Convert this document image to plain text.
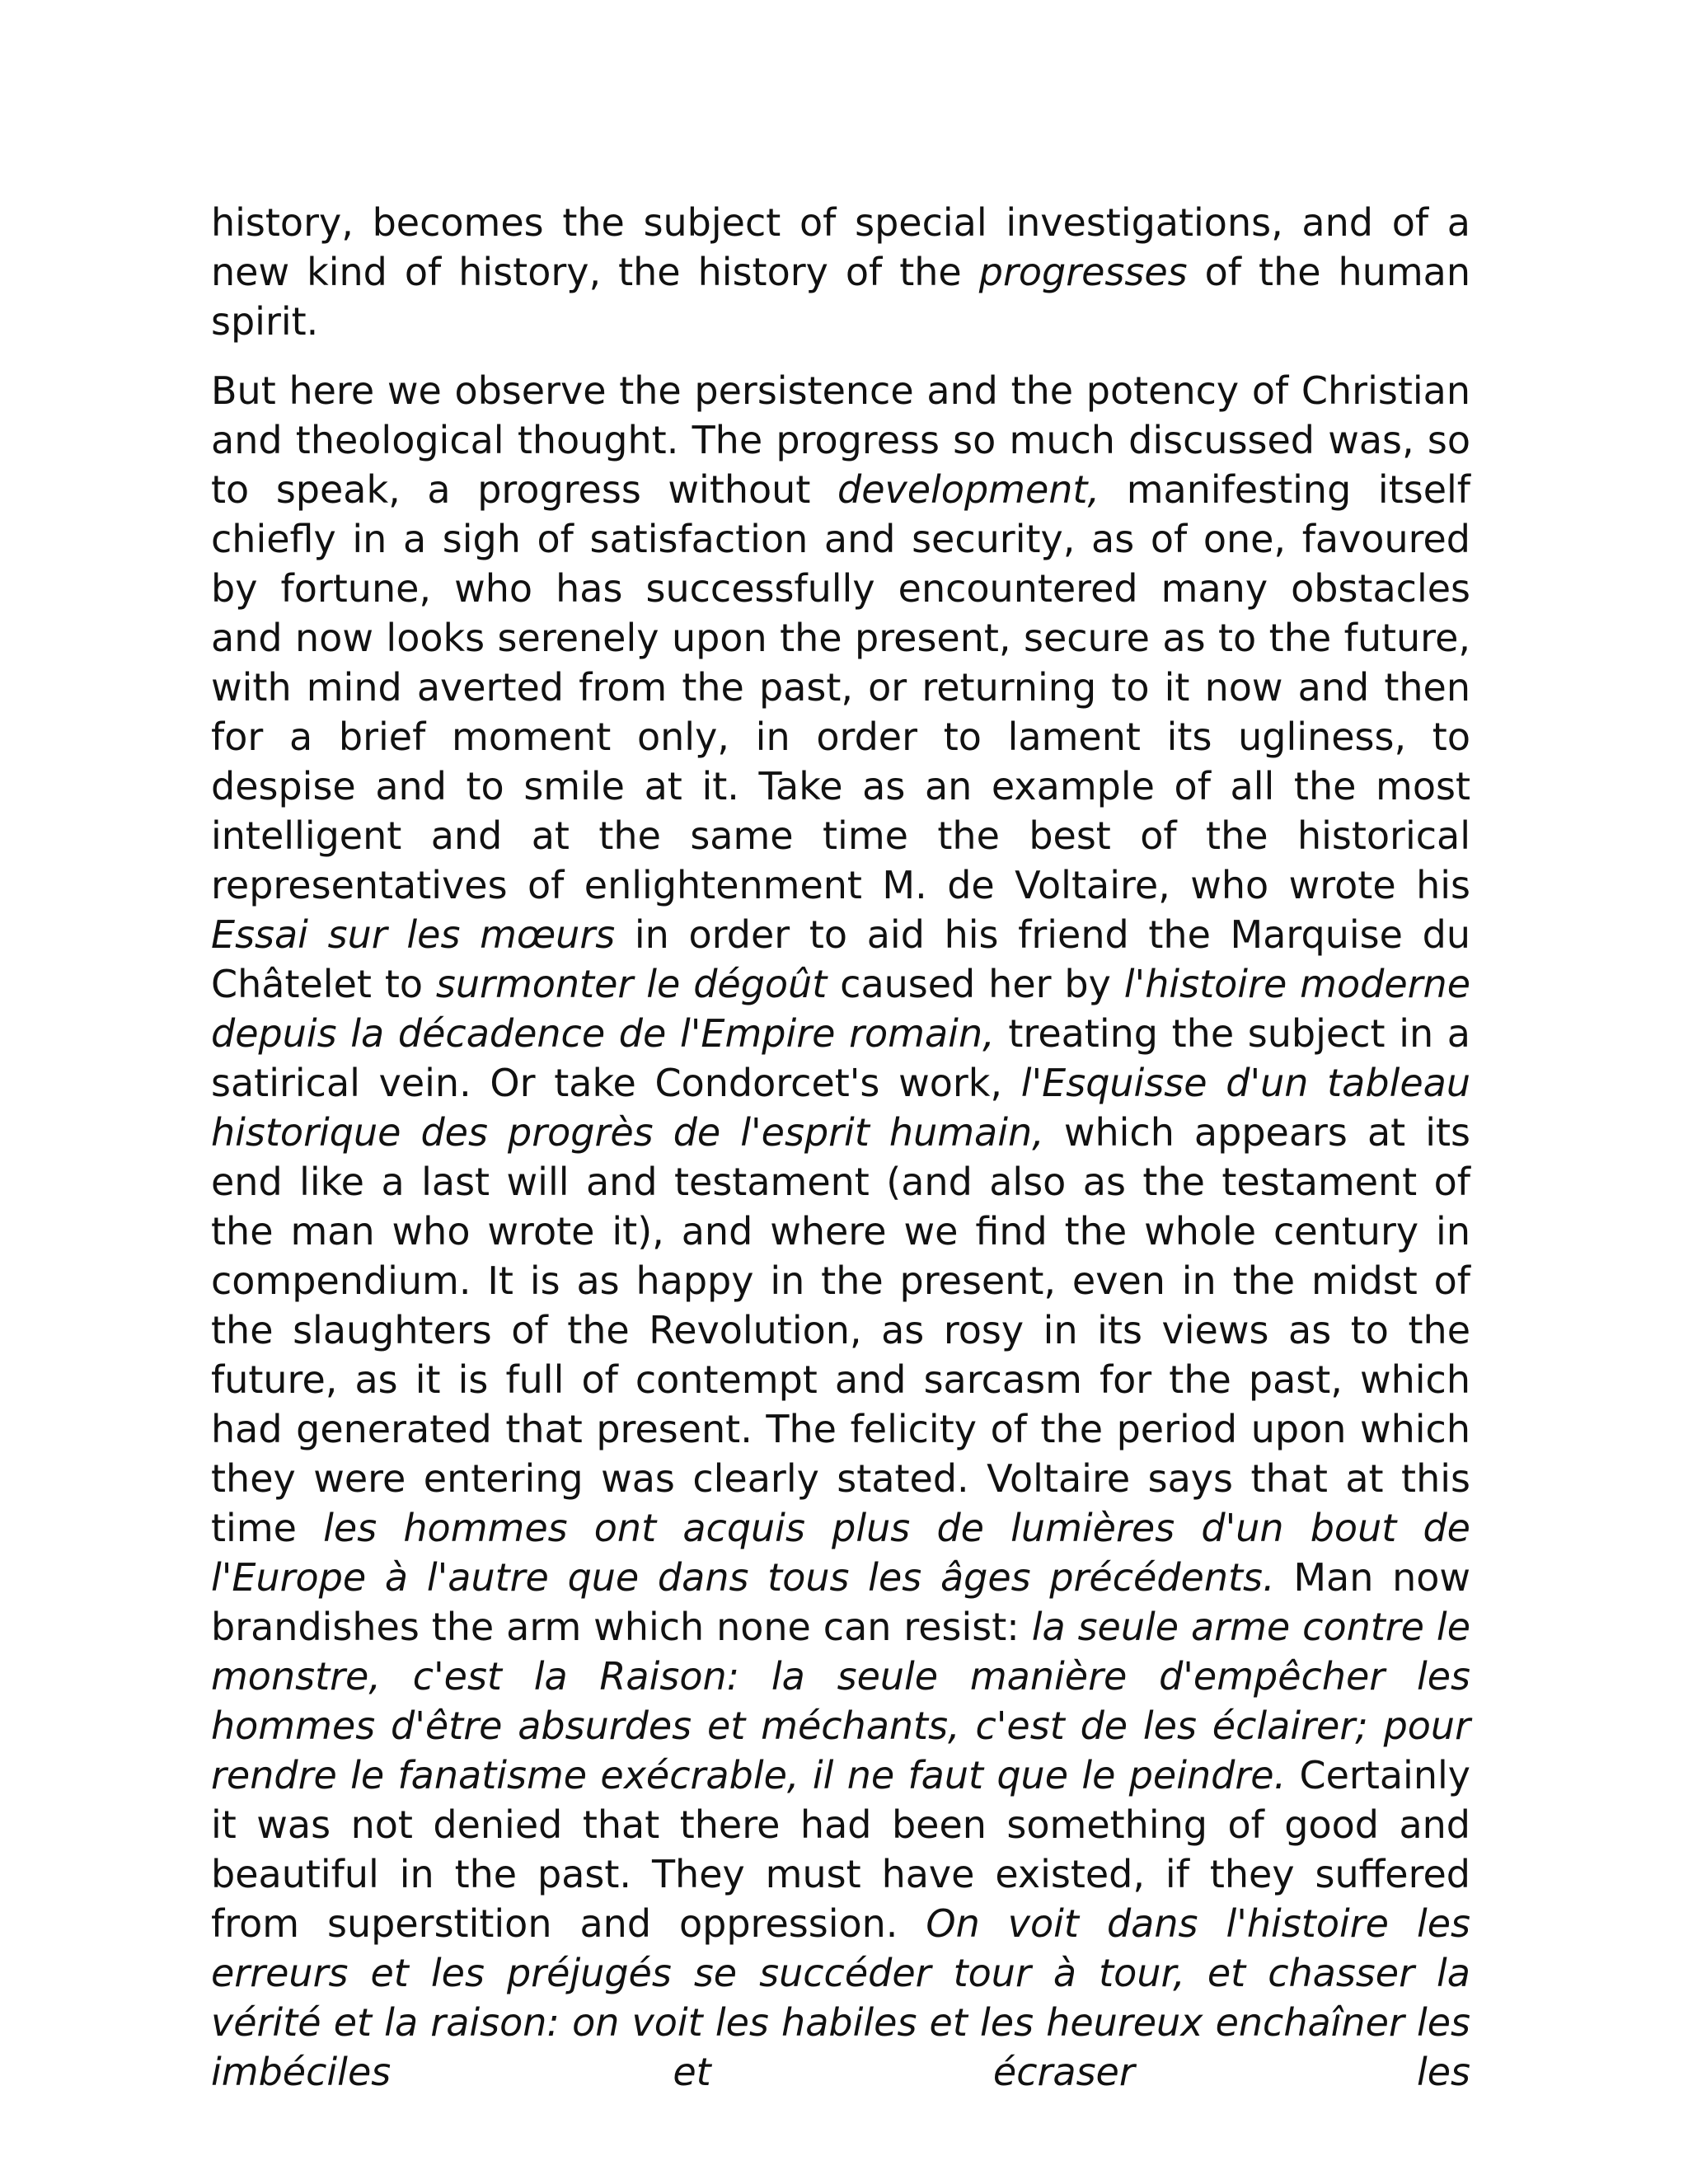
history, becomes the subject of special investigations, and of a new kind of history, the history of the progresses of the human spirit.

But here we observe the persistence and the potency of Christian and theological thought. The progress so much discussed was, so to speak, a progress without development, manifesting itself chiefly in a sigh of satisfaction and security, as of one, favoured by fortune, who has successfully encountered many obstacles and now looks serenely upon the present, secure as to the future, with mind averted from the past, or returning to it now and then for a brief moment only, in order to lament its ugliness, to despise and to smile at it. Take as an example of all the most intelligent and at the same time the best of the historical representatives of enlightenment M. de Voltaire, who wrote his Essai sur les mœurs in order to aid his friend the Marquise du Châtelet to surmonter le dégoût caused her by l'histoire moderne depuis la décadence de l'Empire romain, treating the subject in a satirical vein. Or take Condorcet's work, l'Esquisse d'un tableau historique des progrès de l'esprit humain, which appears at its end like a last will and testament (and also as the testament of the man who wrote it), and where we find the whole century in compendium. It is as happy in the present, even in the midst of the slaughters of the Revolution, as rosy in its views as to the future, as it is full of contempt and sarcasm for the past, which had generated that present. The felicity of the period upon which they were entering was clearly stated. Voltaire says that at this time les hommes ont acquis plus de lumières d'un bout de l'Europe à l'autre que dans tous les âges précédents. Man now brandishes the arm which none can resist: la seule arme contre le monstre, c'est la Raison: la seule manière d'empêcher les hommes d'être absurdes et méchants, c'est de les éclairer; pour rendre le fanatisme exécrable, il ne faut que le peindre. Certainly it was not denied that there had been something of good and beautiful in the past. They must have existed, if they suffered from superstition and oppression. On voit dans l'histoire les erreurs et les préjugés se succéder tour à tour, et chasser la vérité et la raison: on voit les habiles et les heureux enchaîner les imbéciles et écraser les
